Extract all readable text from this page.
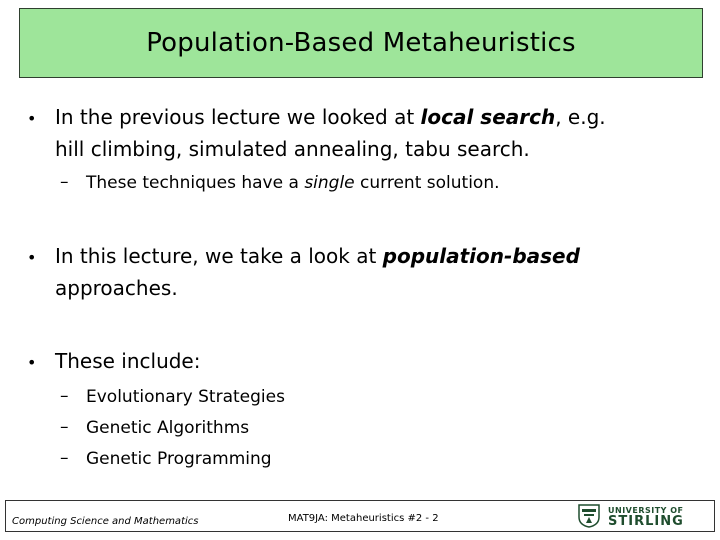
Population-Based Metaheuristics
• In the previous lecture we looked at local search, e.g.
hill climbing, simulated annealing, tabu search.
– These techniques have a single current solution.
• In this lecture, we take a look at population-based
approaches.
• These include:
– Evolutionary Strategies
– Genetic Algorithms
– Genetic Programming
Computing Science and Mathematics	MAT9JA: Metaheuristics #2 - 2
UNIVERSITY OF
STIRLING
